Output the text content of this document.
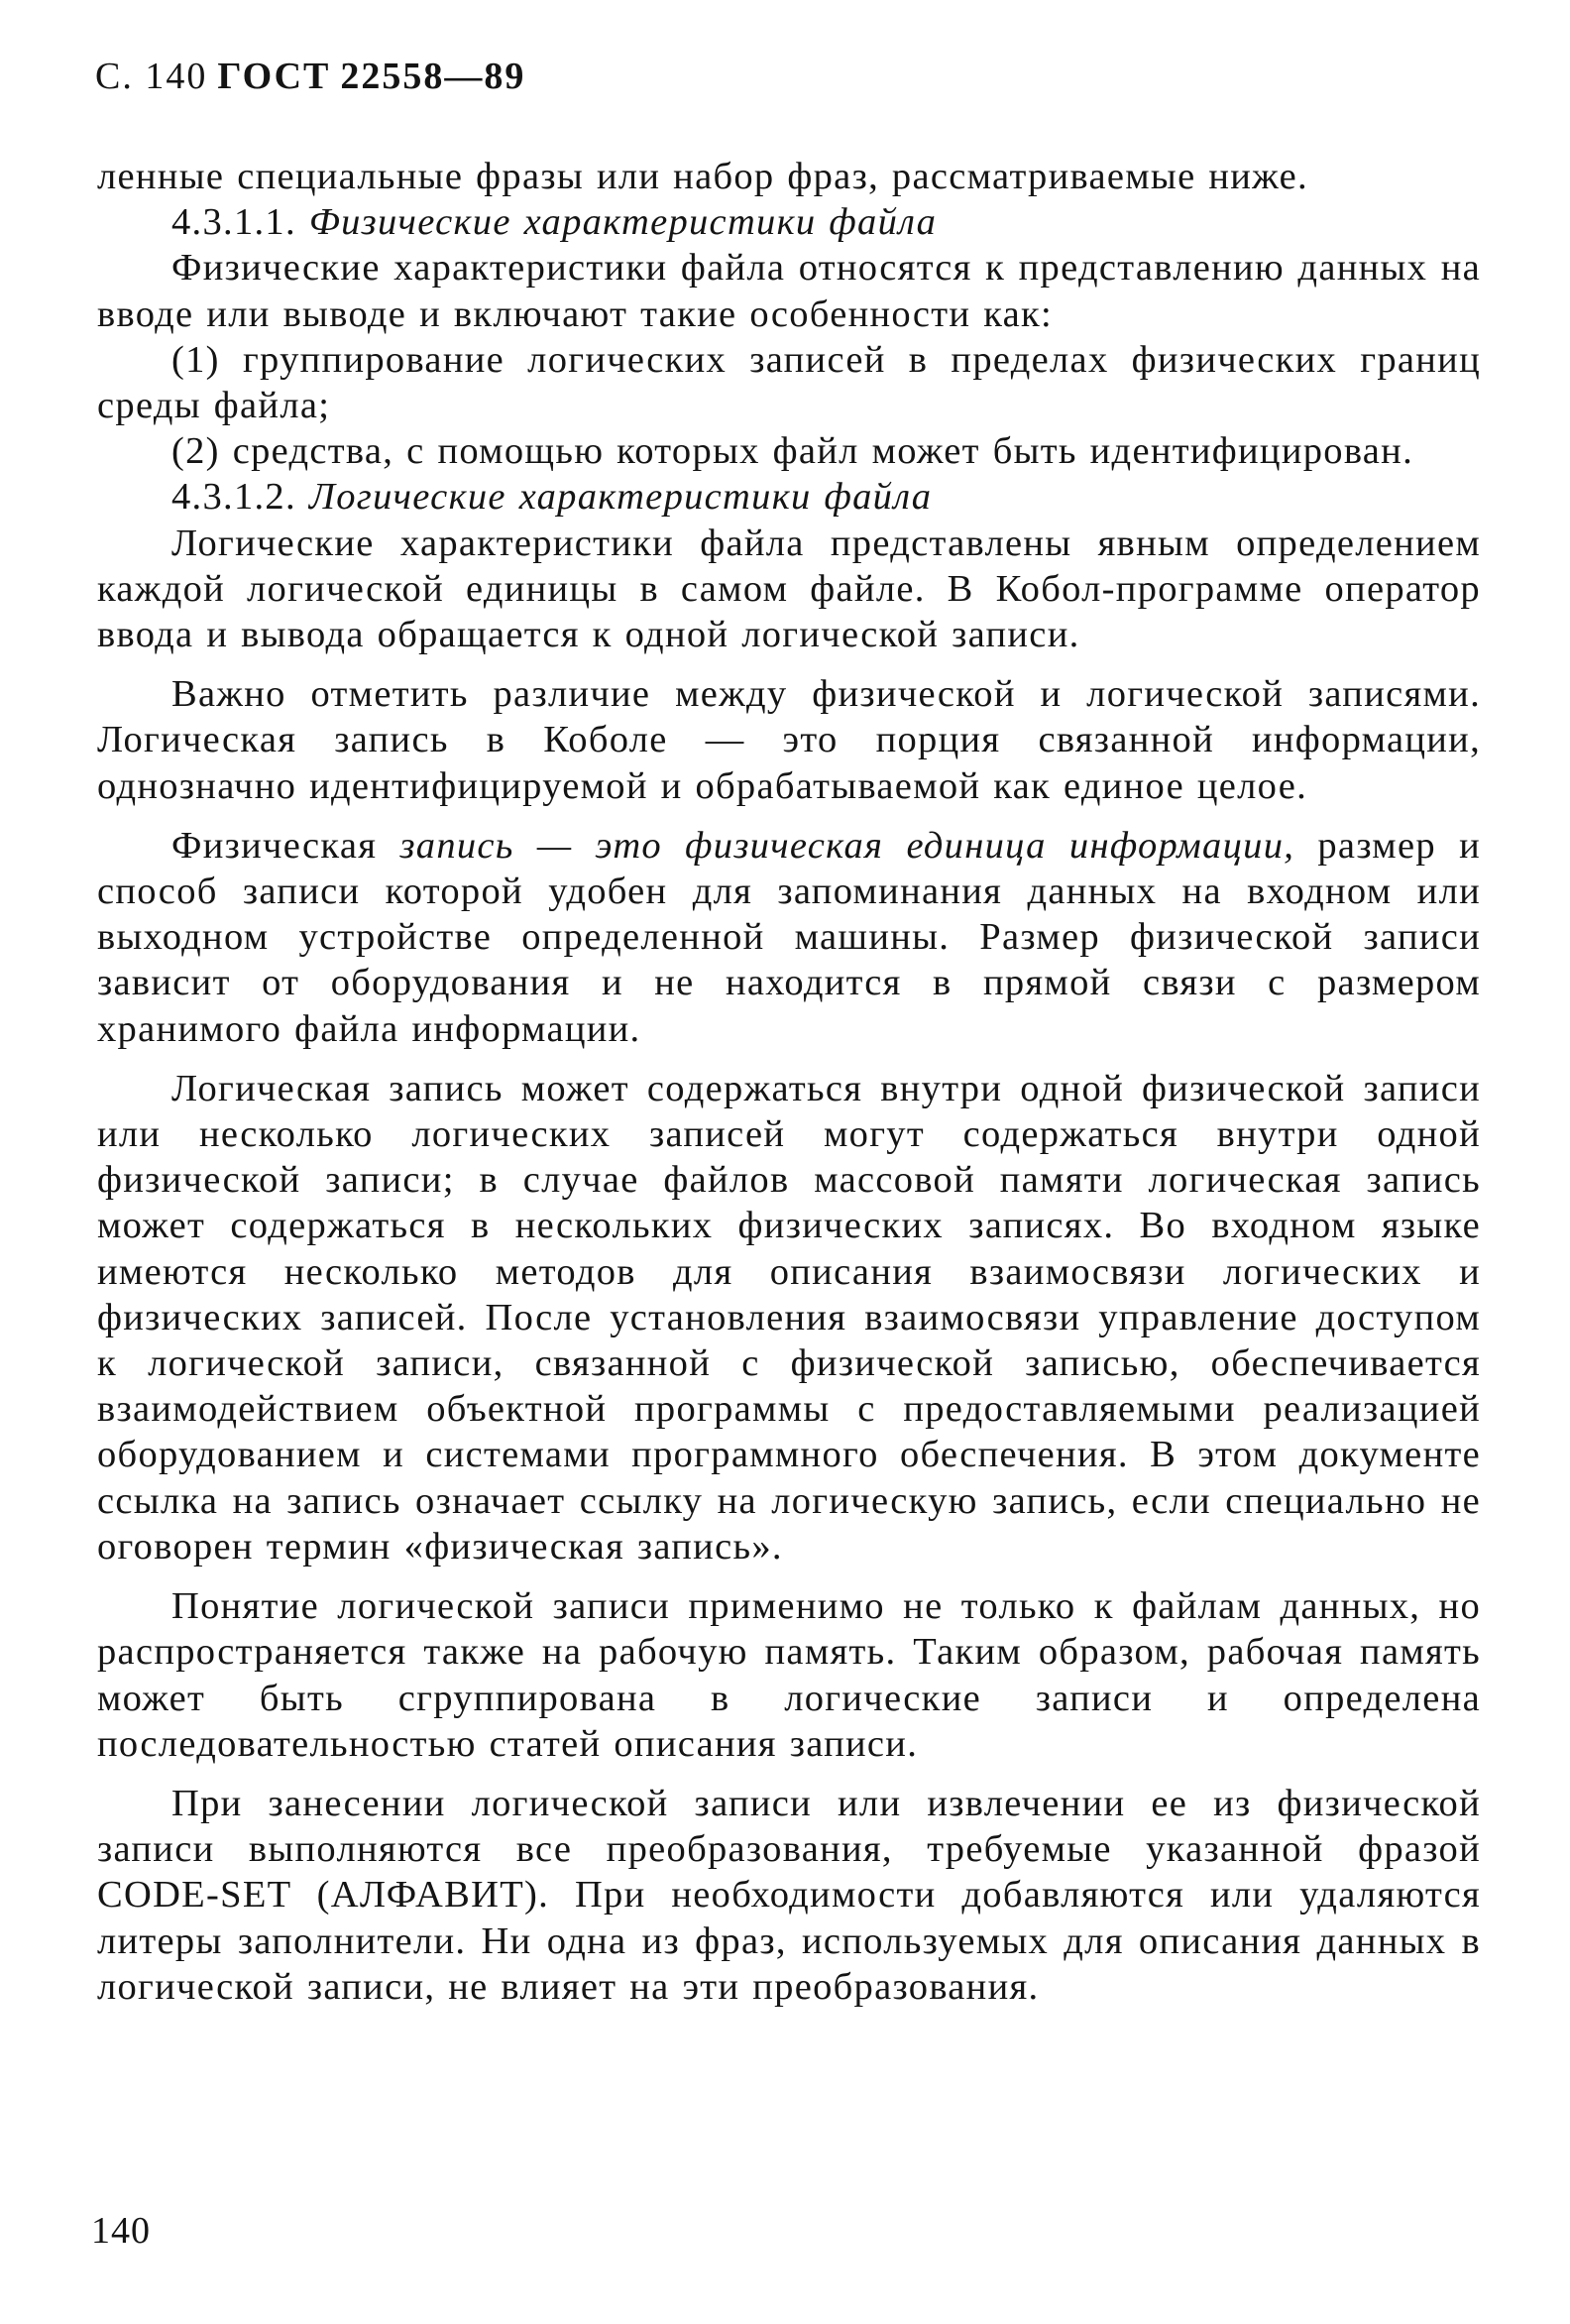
С. 140 ГОСТ 22558—89

ленные специальные фразы или набор фраз, рассматриваемые ниже.

4.3.1.1. Физические характеристики файла

Физические характеристики файла относятся к представлению данных на вводе или выводе и включают такие особенности как:

(1) группирование логических записей в пределах физических границ среды файла;

(2) средства, с помощью которых файл может быть идентифицирован.

4.3.1.2. Логические характеристики файла

Логические характеристики файла представлены явным определением каждой логической единицы в самом файле. В Кобол-программе оператор ввода и вывода обращается к одной логической записи.

Важно отметить различие между физической и логической записями. Логическая запись в Коболе — это порция связанной информации, однозначно идентифицируемой и обрабатываемой как единое целое.

Физическая запись — это физическая единица информации, размер и способ записи которой удобен для запоминания данных на входном или выходном устройстве определенной машины. Размер физической записи зависит от оборудования и не находится в прямой связи с размером хранимого файла информации.

Логическая запись может содержаться внутри одной физической записи или несколько логических записей могут содержаться внутри одной физической записи; в случае файлов массовой памяти логическая запись может содержаться в нескольких физических записях. Во входном языке имеются несколько методов для описания взаимосвязи логических и физических записей. После установления взаимосвязи управление доступом к логической записи, связанной с физической записью, обеспечивается взаимодействием объектной программы с предоставляемыми реализацией оборудованием и системами программного обеспечения. В этом документе ссылка на запись означает ссылку на логическую запись, если специально не оговорен термин «физическая запись».

Понятие логической записи применимо не только к файлам данных, но распространяется также на рабочую память. Таким образом, рабочая память может быть сгруппирована в логические записи и определена последовательностью статей описания записи.

При занесении логической записи или извлечении ее из физической записи выполняются все преобразования, требуемые указанной фразой CODE-SET (АЛФАВИТ). При необходимости добавляются или удаляются литеры заполнители. Ни одна из фраз, используемых для описания данных в логической записи, не влияет на эти преобразования.

140
